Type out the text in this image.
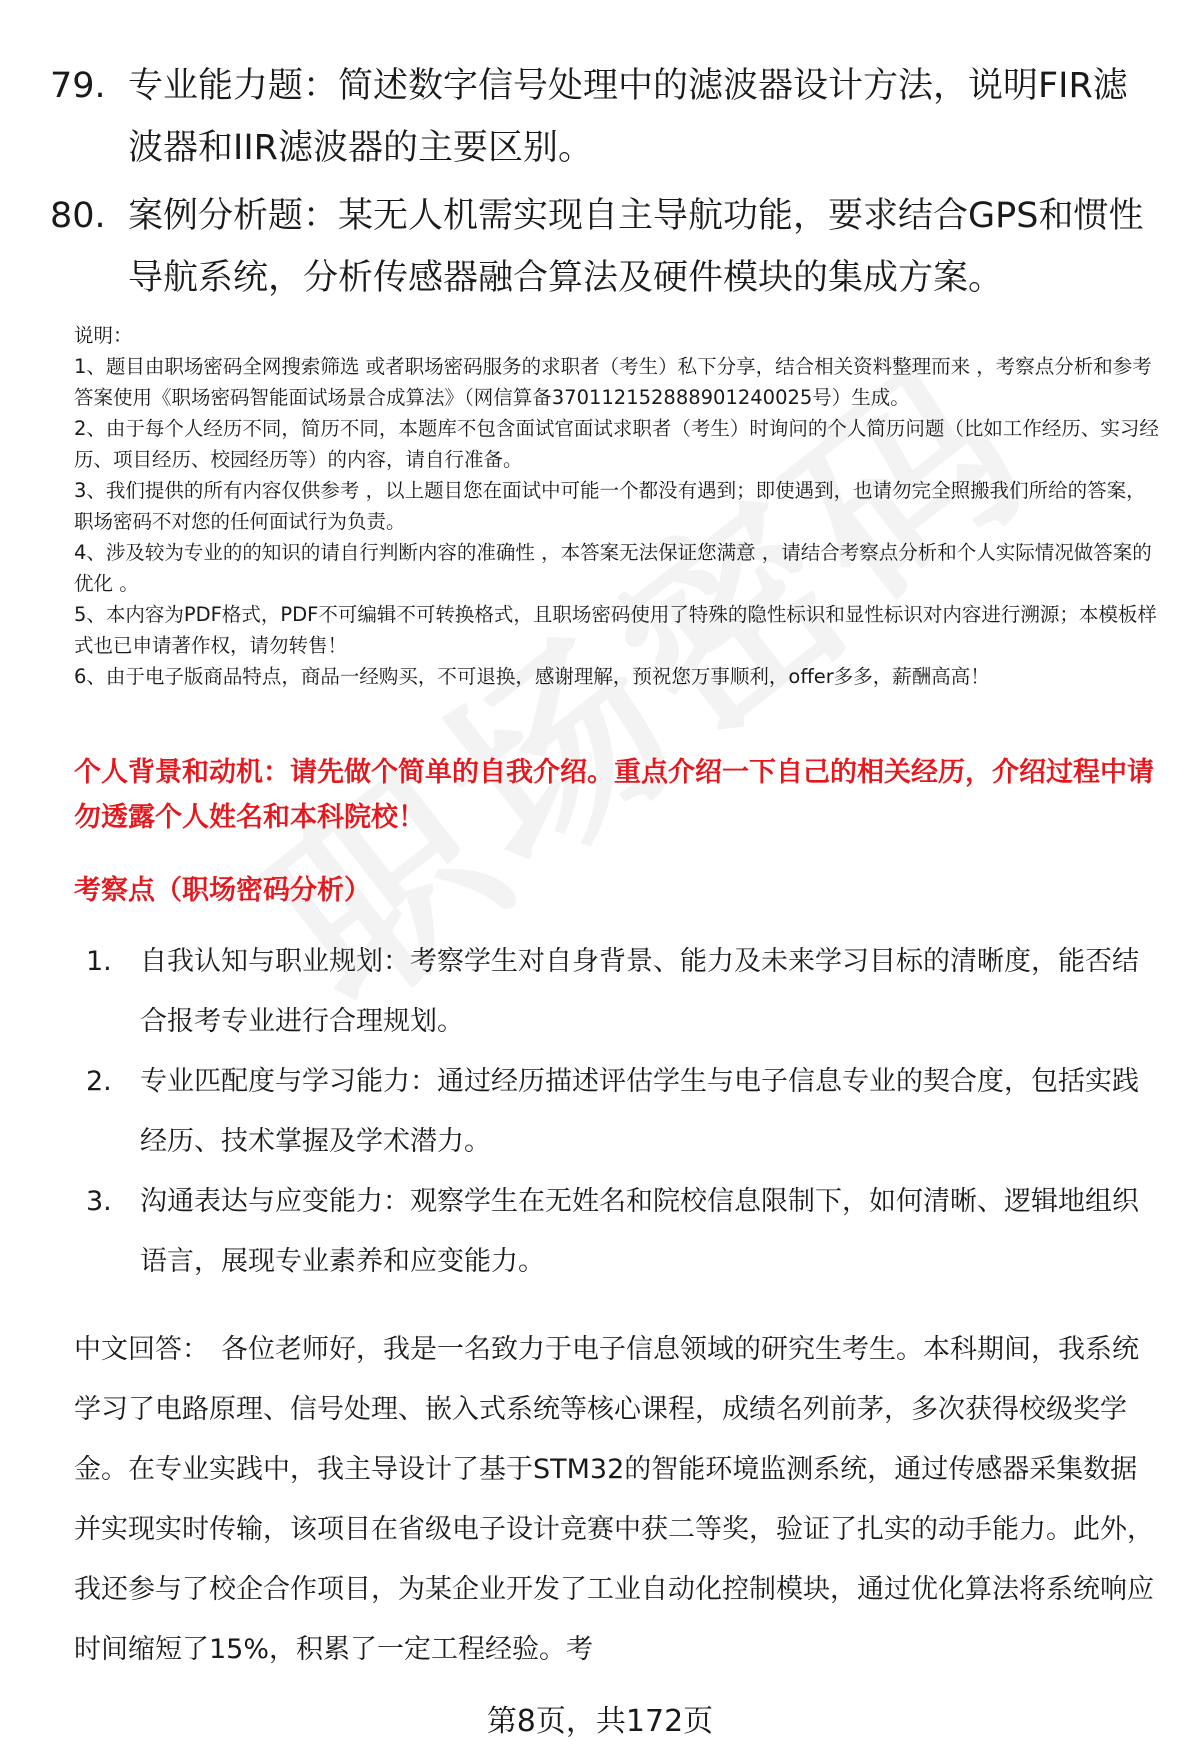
79. 专业能力题：简述数字信号处理中的滤波器设计方法，说明FIR滤波器和IIR滤波器的主要区别。
80. 案例分析题：某无人机需实现自主导航功能，要求结合GPS和惯性导航系统，分析传感器融合算法及硬件模块的集成方案。

说明：

1、题目由职场密码全网搜索筛选 或者职场密码服务的求职者（考生）私下分享，结合相关资料整理而来 ，考察点分析和参考答案使用《职场密码智能面试场景合成算法》（网信算备370112152888901240025号）生成。

2、由于每个人经历不同，简历不同，本题库不包含面试官面试求职者（考生）时询问的个人简历问题（比如工作经历、实习经历、项目经历、校园经历等）的内容，请自行准备。

3、我们提供的所有内容仅供参考 ，以上题目您在面试中可能一个都没有遇到；即使遇到，也请勿完全照搬我们所给的答案，职场密码不对您的任何面试行为负责。

4、涉及较为专业的的知识的请自行判断内容的准确性 ，本答案无法保证您满意 ，请结合考察点分析和个人实际情况做答案的优化 。

5、本内容为PDF格式，PDF不可编辑不可转换格式，且职场密码使用了特殊的隐性标识和显性标识对内容进行溯源；本模板样式也已申请著作权，请勿转售！

6、由于电子版商品特点，商品一经购买，不可退换，感谢理解，预祝您万事顺利，offer多多，薪酬高高！

个人背景和动机：请先做个简单的自我介绍。重点介绍一下自己的相关经历，介绍过程中请勿透露个人姓名和本科院校！
考察点（职场密码分析）
1.	自我认知与职业规划：考察学生对自身背景、能力及未来学习目标的清晰度，能否结合报考专业进行合理规划。
2.	专业匹配度与学习能力：通过经历描述评估学生与电子信息专业的契合度，包括实践经历、技术掌握及学术潜力。
3.	沟通表达与应变能力：观察学生在无姓名和院校信息限制下，如何清晰、逻辑地组织语言，展现专业素养和应变能力。
中文回答： 各位老师好，我是一名致力于电子信息领域的研究生考生。本科期间，我系统学习了电路原理、信号处理、嵌入式系统等核心课程，成绩名列前茅，多次获得校级奖学金。在专业实践中，我主导设计了基于STM32的智能环境监测系统，通过传感器采集数据并实现实时传输，该项目在省级电子设计竞赛中获二等奖，验证了扎实的动手能力。此外，我还参与了校企合作项目，为某企业开发了工业自动化控制模块，通过优化算法将系统响应时间缩短了15%，积累了一定工程经验。考
第8页，共172页
